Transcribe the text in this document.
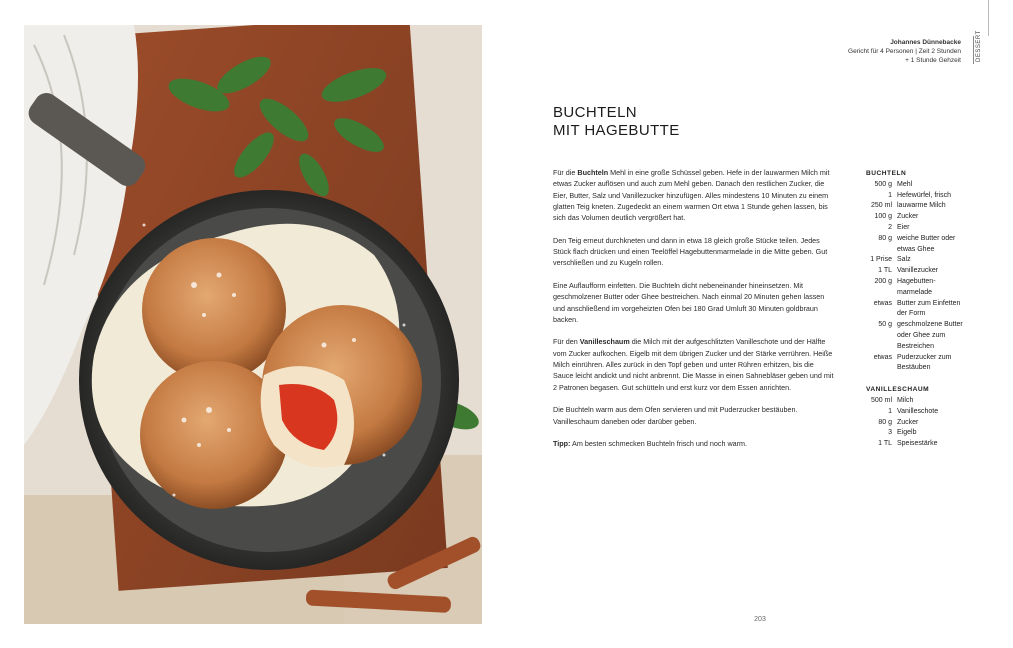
Johannes Dünnebacke
Gericht für 4 Personen | Zeit 2 Stunden
+ 1 Stunde Gehzeit	DESSERT
BUCHTELN
MIT HAGEBUTTE

Für die Buchteln Mehl in eine große Schüssel geben. Hefe in der lauwarmen Milch mit etwas Zucker auflösen und auch zum Mehl geben. Danach den restlichen Zucker, die Eier, Butter, Salz und Vanillezucker hinzufügen. Alles mindestens 10 Minuten zu einem glatten Teig kneten. Zugedeckt an einem warmen Ort etwa 1 Stunde gehen lassen, bis sich das Volumen deutlich vergrößert hat.

Den Teig erneut durchkneten und dann in etwa 18 gleich große Stücke teilen. Jedes Stück flach drücken und einen Teelöffel Hagebuttenmarmelade in die Mitte geben. Gut verschließen und zu Kugeln rollen.

Eine Auflaufform einfetten. Die Buchteln dicht nebeneinander hineinsetzen. Mit geschmolzener Butter oder Ghee bestreichen. Nach einmal 20 Minuten gehen lassen und anschließend im vorgeheizten Ofen bei 180 Grad Umluft 30 Minuten goldbraun backen.

Für den Vanilleschaum die Milch mit der aufgeschlitzten Vanilleschote und der Hälfte vom Zucker aufkochen. Eigelb mit dem übrigen Zucker und der Stärke verrühren. Heiße Milch einrühren. Alles zurück in den Topf geben und unter Rühren erhitzen, bis die Sauce leicht andickt und nicht anbrennt. Die Masse in einen Sahnebläser geben und mit 2 Patronen begasen. Gut schütteln und erst kurz vor dem Essen anrichten.

Die Buchteln warm aus dem Ofen servieren und mit Puderzucker bestäuben. Vanilleschaum daneben oder darüber geben.

Tipp: Am besten schmecken Buchteln frisch und noch warm.

BUCHTELN
500 g Mehl
1 Hefewürfel, frisch
250 ml lauwarme Milch
100 g Zucker
2 Eier
80 g weiche Butter oder
etwas Ghee
1 Prise Salz
1 TL Vanillezucker
200 g Hagebutten-
marmelade
etwas Butter zum Einfetten
der Form
50 g geschmolzene Butter
oder Ghee zum
Bestreichen
etwas Puderzucker zum
Bestäuben
VANILLESCHAUM
500 ml Milch
1 Vanilleschote
80 g Zucker
3 Eigelb
1 TL Speisestärke
203
